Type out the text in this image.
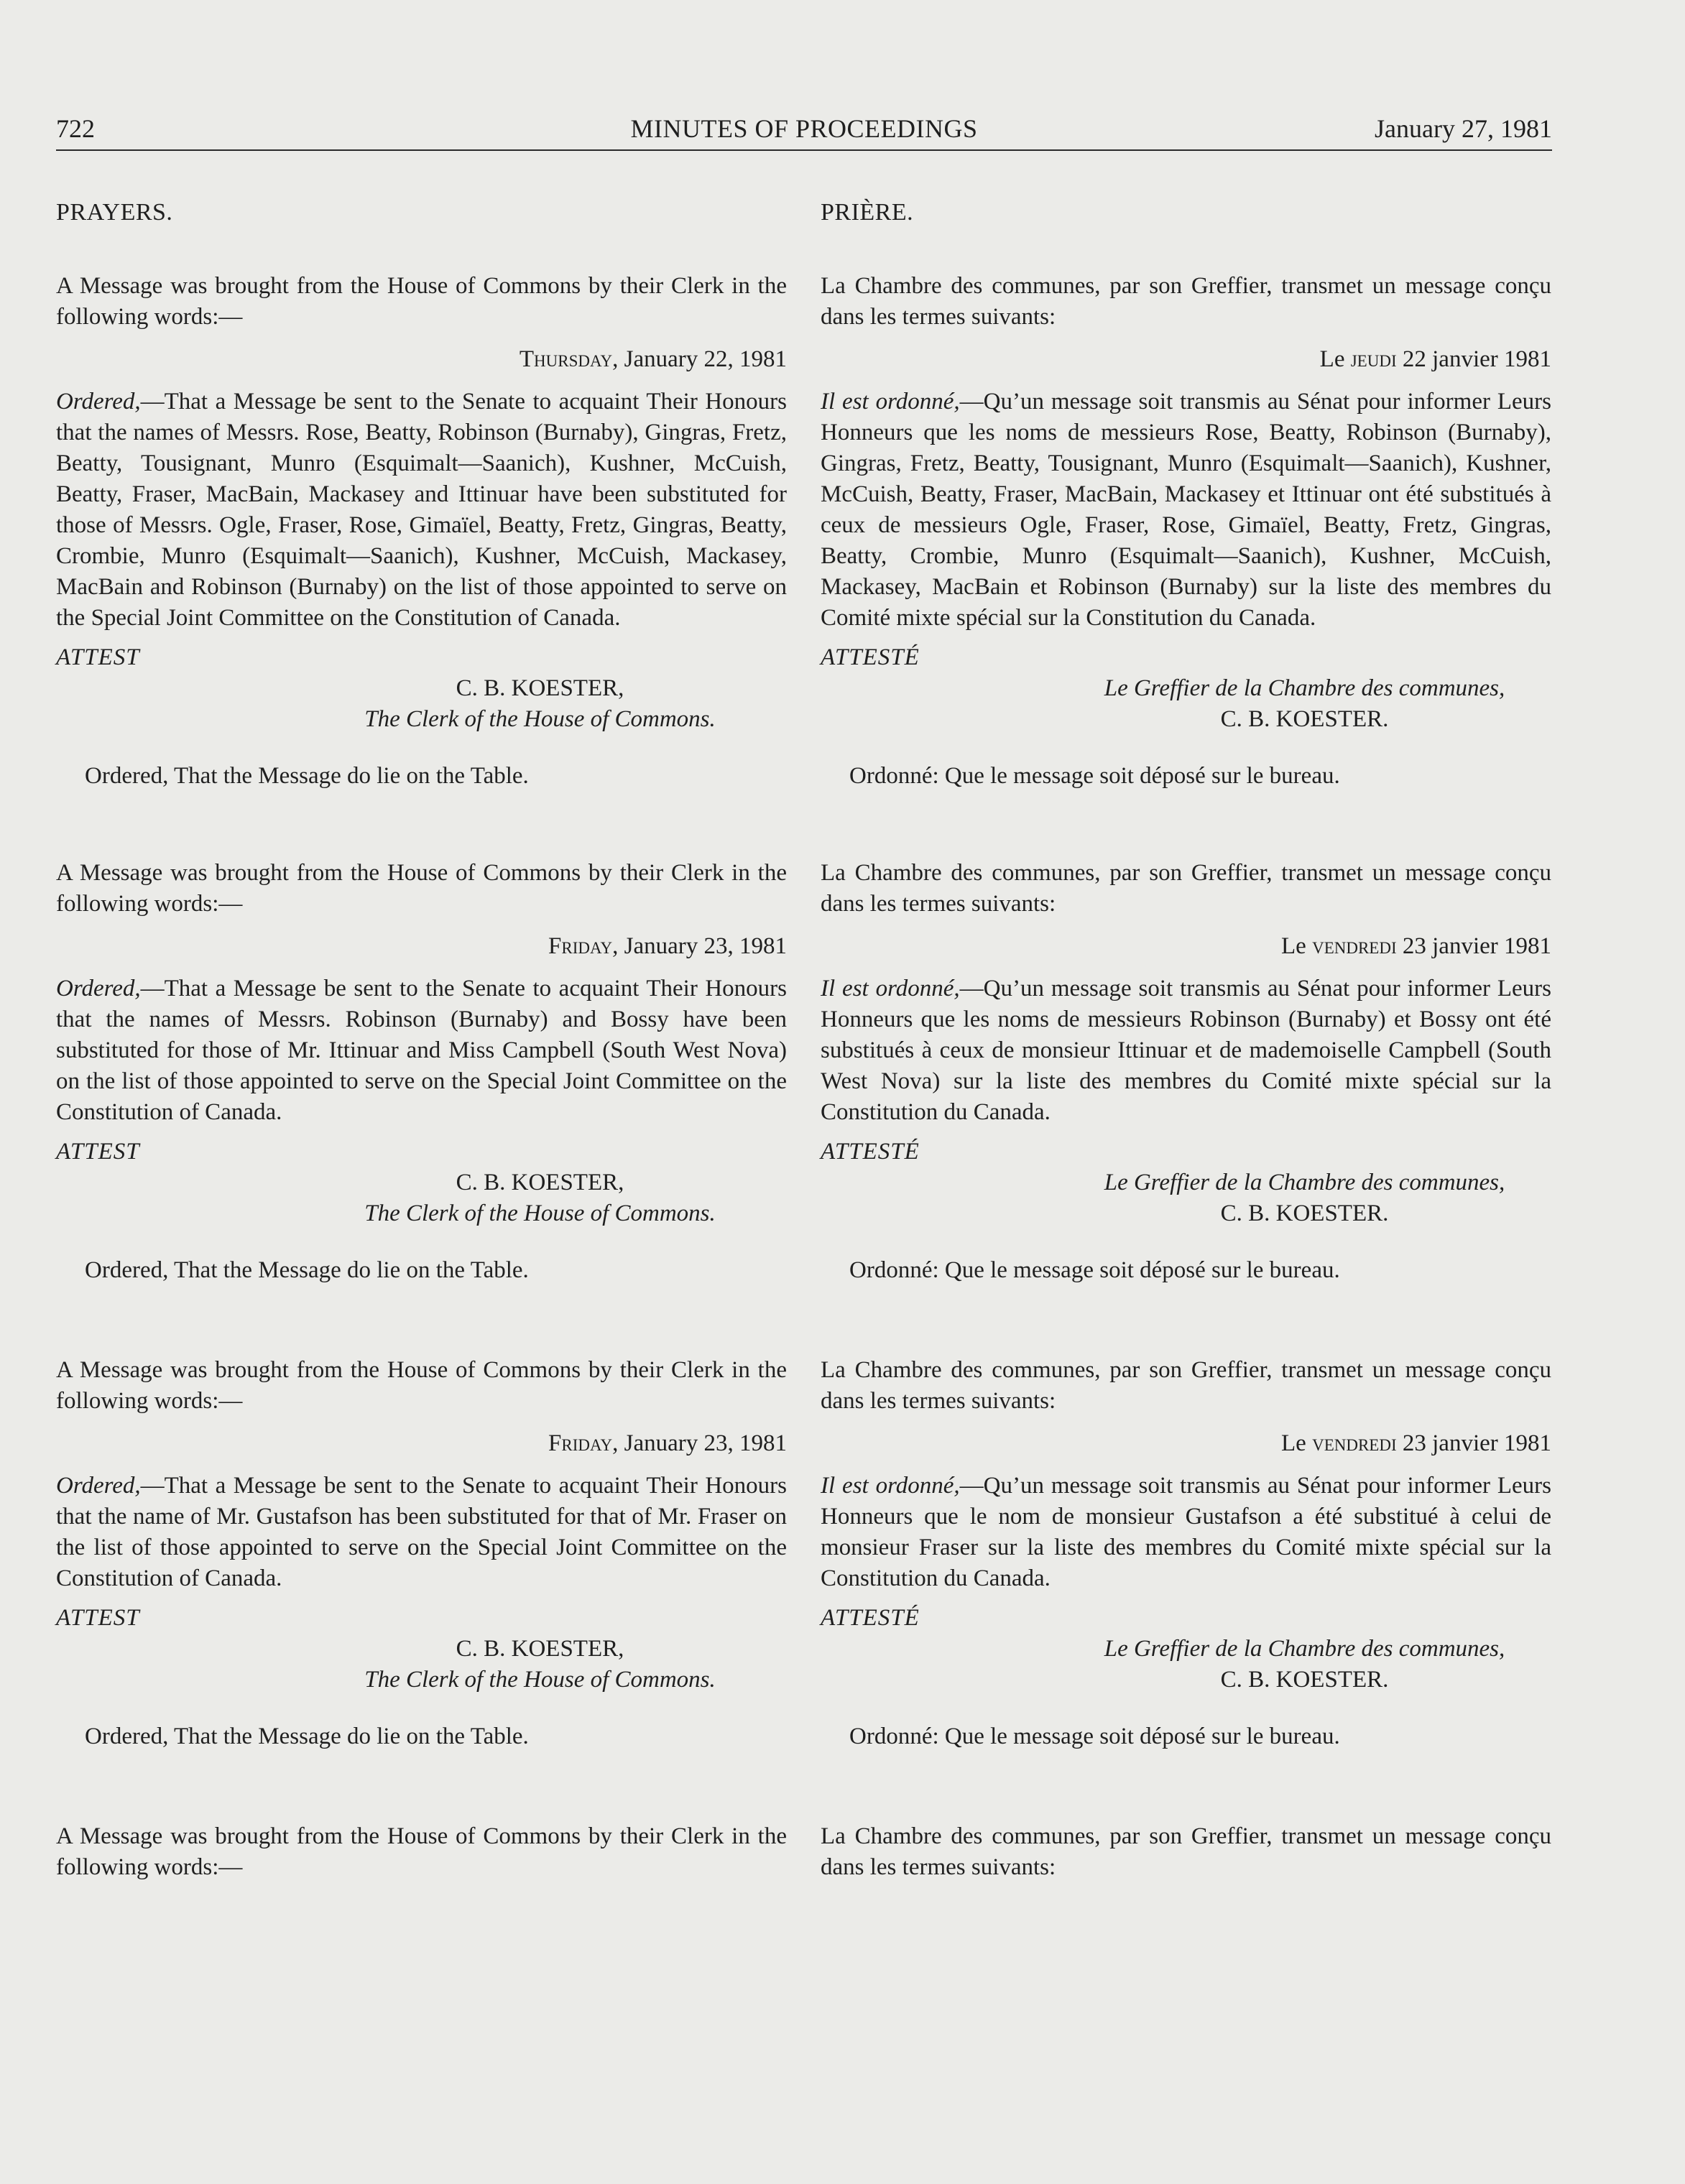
722	MINUTES OF PROCEEDINGS	January 27, 1981
PRAYERS.

A Message was brought from the House of Commons by their Clerk in the following words:—

Thursday, January 22, 1981

Ordered,—That a Message be sent to the Senate to acquaint Their Honours that the names of Messrs. Rose, Beatty, Robinson (Burnaby), Gingras, Fretz, Beatty, Tousignant, Munro (Esquimalt—Saanich), Kushner, McCuish, Beatty, Fraser, MacBain, Mackasey and Ittinuar have been substituted for those of Messrs. Ogle, Fraser, Rose, Gimaïel, Beatty, Fretz, Gingras, Beatty, Crombie, Munro (Esquimalt—Saanich), Kushner, McCuish, Mackasey, MacBain and Robinson (Burnaby) on the list of those appointed to serve on the Special Joint Committee on the Constitution of Canada.

ATTEST
C. B. KOESTER,
The Clerk of the House of Commons.
Ordered, That the Message do lie on the Table.

A Message was brought from the House of Commons by their Clerk in the following words:—

Friday, January 23, 1981

Ordered,—That a Message be sent to the Senate to acquaint Their Honours that the names of Messrs. Robinson (Burnaby) and Bossy have been substituted for those of Mr. Ittinuar and Miss Campbell (South West Nova) on the list of those appointed to serve on the Special Joint Committee on the Constitution of Canada.

ATTEST
C. B. KOESTER,
The Clerk of the House of Commons.
Ordered, That the Message do lie on the Table.

A Message was brought from the House of Commons by their Clerk in the following words:—

Friday, January 23, 1981

Ordered,—That a Message be sent to the Senate to acquaint Their Honours that the name of Mr. Gustafson has been substituted for that of Mr. Fraser on the list of those appointed to serve on the Special Joint Committee on the Constitution of Canada.

ATTEST
C. B. KOESTER,
The Clerk of the House of Commons.
Ordered, That the Message do lie on the Table.

A Message was brought from the House of Commons by their Clerk in the following words:—

PRIÈRE.

La Chambre des communes, par son Greffier, transmet un message conçu dans les termes suivants:

Le jeudi 22 janvier 1981

Il est ordonné,—Qu’un message soit transmis au Sénat pour informer Leurs Honneurs que les noms de messieurs Rose, Beatty, Robinson (Burnaby), Gingras, Fretz, Beatty, Tousignant, Munro (Esquimalt—Saanich), Kushner, McCuish, Beatty, Fraser, MacBain, Mackasey et Ittinuar ont été substitués à ceux de messieurs Ogle, Fraser, Rose, Gimaïel, Beatty, Fretz, Gingras, Beatty, Crombie, Munro (Esquimalt—Saanich), Kushner, McCuish, Mackasey, MacBain et Robinson (Burnaby) sur la liste des membres du Comité mixte spécial sur la Constitution du Canada.

ATTESTÉ
Le Greffier de la Chambre des communes,
C. B. KOESTER.
Ordonné: Que le message soit déposé sur le bureau.

La Chambre des communes, par son Greffier, transmet un message conçu dans les termes suivants:

Le vendredi 23 janvier 1981

Il est ordonné,—Qu’un message soit transmis au Sénat pour informer Leurs Honneurs que les noms de messieurs Robinson (Burnaby) et Bossy ont été substitués à ceux de monsieur Ittinuar et de mademoiselle Campbell (South West Nova) sur la liste des membres du Comité mixte spécial sur la Constitution du Canada.

ATTESTÉ
Le Greffier de la Chambre des communes,
C. B. KOESTER.
Ordonné: Que le message soit déposé sur le bureau.

La Chambre des communes, par son Greffier, transmet un message conçu dans les termes suivants:

Le vendredi 23 janvier 1981

Il est ordonné,—Qu’un message soit transmis au Sénat pour informer Leurs Honneurs que le nom de monsieur Gustafson a été substitué à celui de monsieur Fraser sur la liste des membres du Comité mixte spécial sur la Constitution du Canada.

ATTESTÉ
Le Greffier de la Chambre des communes,
C. B. KOESTER.
Ordonné: Que le message soit déposé sur le bureau.

La Chambre des communes, par son Greffier, transmet un message conçu dans les termes suivants:
